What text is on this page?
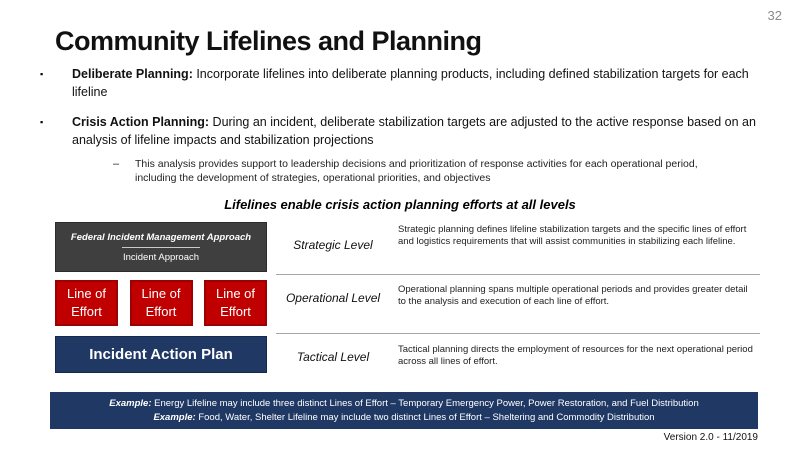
32
Community Lifelines and Planning
▪	Deliberate Planning: Incorporate lifelines into deliberate planning products, including defined stabilization targets for each lifeline
▪	Crisis Action Planning: During an incident, deliberate stabilization targets are adjusted to the active response based on an analysis of lifeline impacts and stabilization projections
–	This analysis provides support to leadership decisions and prioritization of response activities for each operational period, including the development of strategies, operational priorities, and objectives
Lifelines enable crisis action planning efforts at all levels
Federal Incident Management Approach
Incident Approach
Line of Effort
Line of Effort
Line of Effort
Incident Action Plan
Strategic Level
Strategic planning defines lifeline stabilization targets and the specific lines of effort and logistics requirements that will assist communities in stabilizing each lifeline.
Operational Level
Operational planning spans multiple operational periods and provides greater detail to the analysis and execution of each line of effort.
Tactical Level
Tactical planning directs the employment of resources for the next operational period across all lines of effort.
Example: Energy Lifeline may include three distinct Lines of Effort – Temporary Emergency Power, Power Restoration, and Fuel Distribution
Example: Food, Water, Shelter Lifeline may include two distinct Lines of Effort – Sheltering and Commodity Distribution
Version 2.0 - 11/2019
